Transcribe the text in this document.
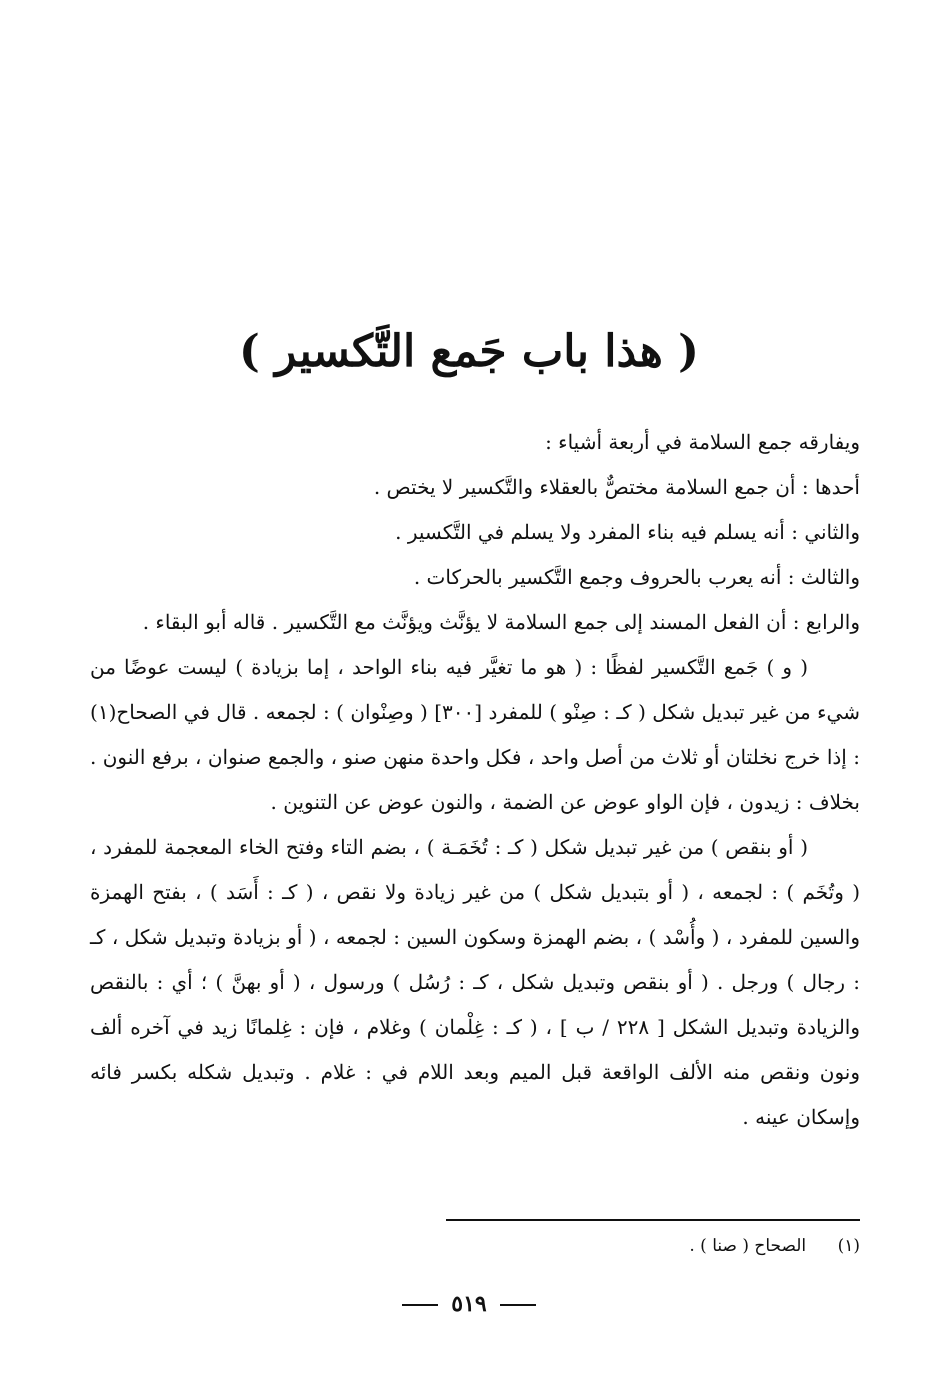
( هذا باب جَمع التَّكسير )

ويفارقه جمع السلامة في أربعة أشياء :

أحدها : أن جمع السلامة مختصٌّ بالعقلاء والتَّكسير لا يختص .

والثاني : أنه يسلم فيه بناء المفرد ولا يسلم في التَّكسير .

والثالث : أنه يعرب بالحروف وجمع التَّكسير بالحركات .

والرابع : أن الفعل المسند إلى جمع السلامة لا يؤنَّث ويؤنَّث مع التَّكسير . قاله أبو البقاء .

( و ) جَمع التَّكسير لفظًا : ( هو ما تغيَّر فيه بناء الواحد ، إما بزيادة ) ليست عوضًا من شيء من غير تبديل شكل ( كـ : صِنْو ) للمفرد [٣٠٠] ( وصِنْوان ) : لجمعه . قال في الصحاح(١) : إذا خرج نخلتان أو ثلاث من أصل واحد ، فكل واحدة منهن صنو ، والجمع صنوان ، برفع النون . بخلاف : زيدون ، فإن الواو عوض عن الضمة ، والنون عوض عن التنوين .

( أو بنقص ) من غير تبديل شكل ( كـ : تُخَمَـة ) ، بضم التاء وفتح الخاء المعجمة للمفرد ، ( وتُخَم ) : لجمعه ، ( أو بتبديل شكل ) من غير زيادة ولا نقص ، ( كـ : أَسَد ) ، بفتح الهمزة والسين للمفرد ، ( وأُسْد ) ، بضم الهمزة وسكون السين : لجمعه ، ( أو بزيادة وتبديل شكل ، كـ : رجال ) ورجل . ( أو بنقص وتبديل شكل ، كـ : رُسُل ) ورسول ، ( أو بهنَّ ) ؛ أي : بالنقص والزيادة وتبديل الشكل [ ٢٢٨ / ب ] ، ( كـ : غِلْمان ) وغلام ، فإن : غِلمانًا زيد في آخره ألف ونون ونقص منه الألف الواقعة قبل الميم وبعد اللام في : غلام . وتبديل شكله بكسر فائه وإسكان عينه .

(١) الصحاح ( صنا ) .
٥١٩
